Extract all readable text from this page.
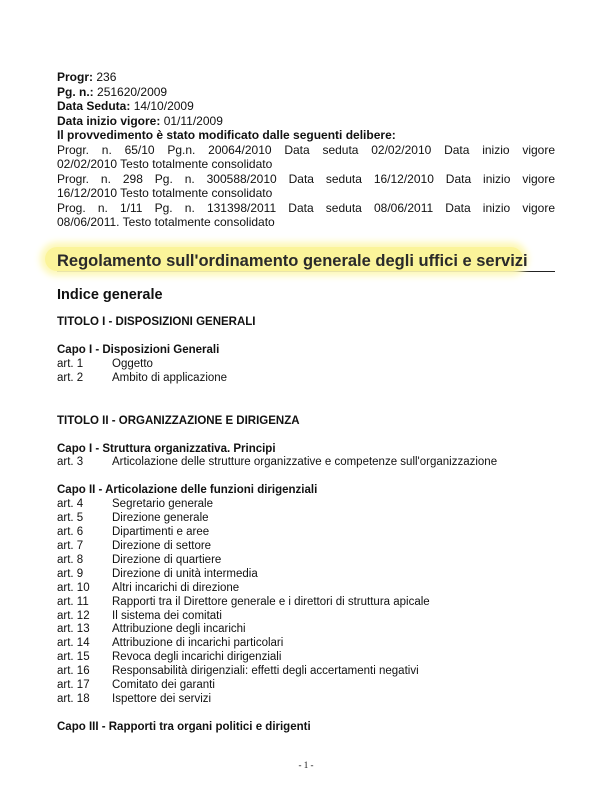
Progr: 236
Pg. n.: 251620/2009
Data Seduta: 14/10/2009
Data inizio vigore: 01/11/2009
Il provvedimento è stato modificato dalle seguenti delibere:
Progr. n. 65/10 Pg.n. 20064/2010 Data seduta 02/02/2010 Data inizio vigore
02/02/2010 Testo totalmente consolidato
Progr. n. 298 Pg. n. 300588/2010 Data seduta 16/12/2010 Data inizio vigore
16/12/2010 Testo totalmente consolidato
Prog. n. 1/11 Pg. n. 131398/2011 Data seduta 08/06/2011 Data inizio vigore
08/06/2011. Testo totalmente consolidato
Regolamento sull'ordinamento generale degli uffici e servizi
Indice generale
TITOLO I - DISPOSIZIONI GENERALI
Capo I - Disposizioni Generali
art. 1	Oggetto
art. 2	Ambito di applicazione
TITOLO II - ORGANIZZAZIONE E DIRIGENZA
Capo I - Struttura organizzativa. Principi
art. 3	Articolazione delle strutture organizzative e competenze sull'organizzazione
Capo II - Articolazione delle funzioni dirigenziali
art. 4	Segretario generale
art. 5	Direzione generale
art. 6	Dipartimenti e aree
art. 7	Direzione di settore
art. 8	Direzione di quartiere
art. 9	Direzione di unità intermedia
art. 10	Altri incarichi di direzione
art. 11	Rapporti tra il Direttore generale e i direttori di struttura apicale
art. 12	Il sistema dei comitati
art. 13	Attribuzione degli incarichi
art. 14	Attribuzione di incarichi particolari
art. 15	Revoca degli incarichi dirigenziali
art. 16	Responsabilità dirigenziali: effetti degli accertamenti negativi
art. 17	Comitato dei garanti
art. 18	Ispettore dei servizi
Capo III - Rapporti tra organi politici e dirigenti
- 1 -
